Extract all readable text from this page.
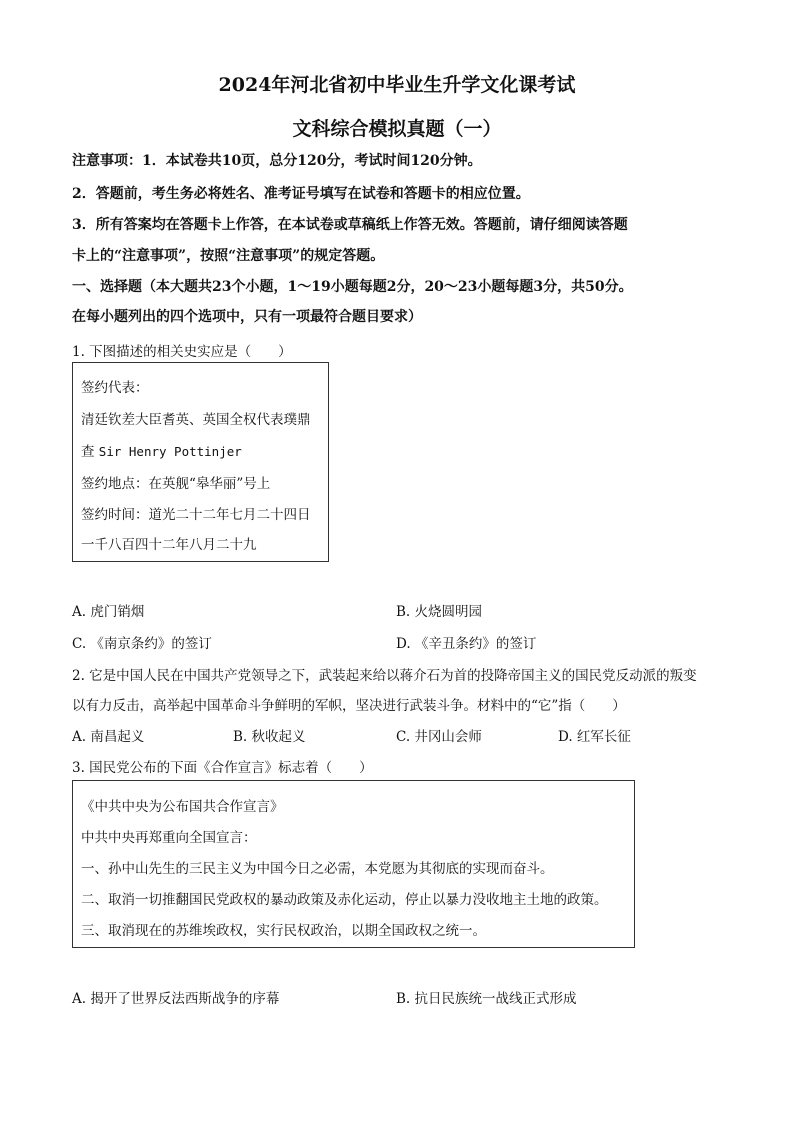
2024年河北省初中毕业生升学文化课考试
文科综合模拟真题（一）
注意事项：1．本试卷共10页，总分120分，考试时间120分钟。
2．答题前，考生务必将姓名、准考证号填写在试卷和答题卡的相应位置。
3．所有答案均在答题卡上作答，在本试卷或草稿纸上作答无效。答题前，请仔细阅读答题
卡上的“注意事项”，按照“注意事项”的规定答题。
一、选择题（本大题共23个小题，1～19小题每题2分，20～23小题每题3分，共50分。
在每小题列出的四个选项中，只有一项最符合题目要求）
1. 下图描述的相关史实应是（　　）
签约代表：
清廷钦差大臣耆英、英国全权代表璞鼎
查 Sir Henry Pottinjer
签约地点：在英舰“皋华丽”号上
签约时间：道光二十二年七月二十四日
一千八百四十二年八月二十九
A. 虎门销烟	B. 火烧圆明园
C. 《南京条约》的签订	D. 《辛丑条约》的签订
2. 它是中国人民在中国共产党领导之下，武装起来给以蒋介石为首的投降帝国主义的国民党反动派的叛变
以有力反击，高举起中国革命斗争鲜明的军帜，坚决进行武装斗争。材料中的“它”指（　　）
A. 南昌起义	B. 秋收起义	C. 井冈山会师	D. 红军长征
3. 国民党公布的下面《合作宣言》标志着（　　）
《中共中央为公布国共合作宣言》
中共中央再郑重向全国宣言：
一、孙中山先生的三民主义为中国今日之必需，本党愿为其彻底的实现而奋斗。
二、取消一切推翻国民党政权的暴动政策及赤化运动，停止以暴力没收地主土地的政策。
三、取消现在的苏维埃政权，实行民权政治，以期全国政权之统一。
A. 揭开了世界反法西斯战争的序幕	B. 抗日民族统一战线正式形成
